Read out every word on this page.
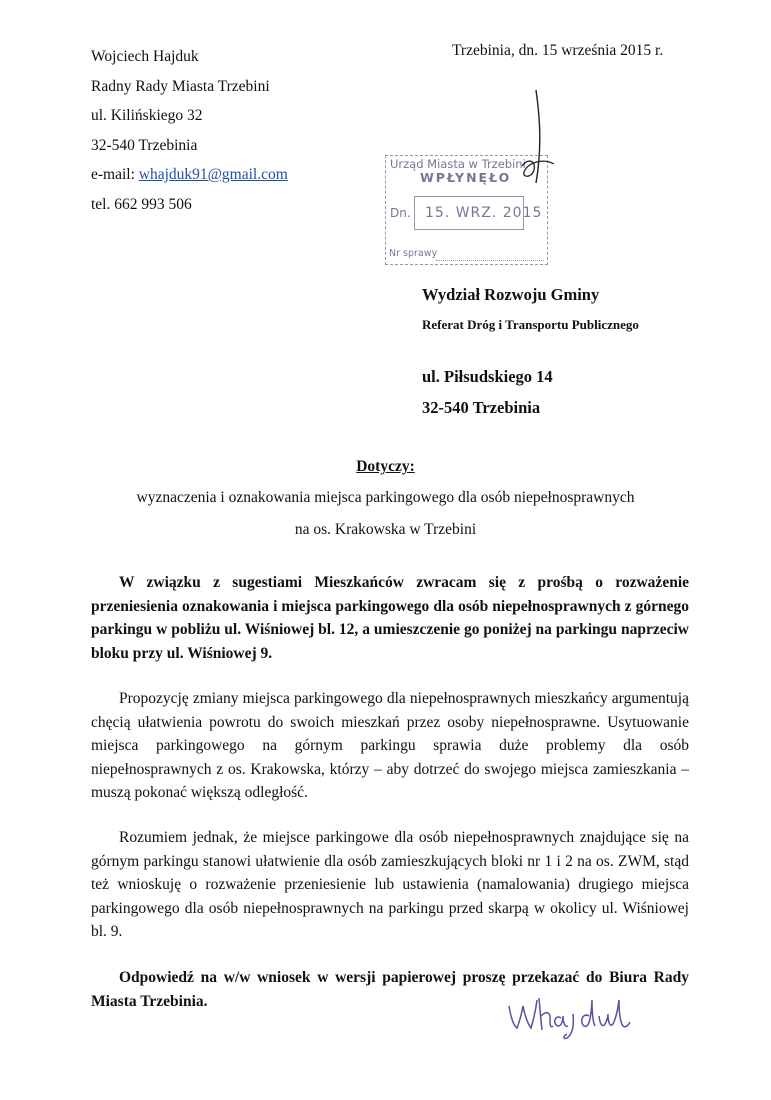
Wojciech Hajduk
Radny Rady Miasta Trzebini
ul. Kilińskiego 32
32-540 Trzebinia
e-mail: whajduk91@gmail.com
tel. 662 993 506
Trzebinia, dn. 15 września 2015 r.
Urząd Miasta w Trzebini
WPŁYNĘŁO
Dn. 15. WRZ. 2015
Nr sprawy
Wydział Rozwoju Gminy
Referat Dróg i Transportu Publicznego
ul. Piłsudskiego 14
32-540 Trzebinia
Dotyczy:
wyznaczenia i oznakowania miejsca parkingowego dla osób niepełnosprawnych
na os. Krakowska w Trzebini
W związku z sugestiami Mieszkańców zwracam się z prośbą o rozważenie przeniesienia oznakowania i miejsca parkingowego dla osób niepełnosprawnych z górnego parkingu w pobliżu ul. Wiśniowej bl. 12, a umieszczenie go poniżej na parkingu naprzeciw bloku przy ul. Wiśniowej 9.
Propozycję zmiany miejsca parkingowego dla niepełnosprawnych mieszkańcy argumentują chęcią ułatwienia powrotu do swoich mieszkań przez osoby niepełnosprawne. Usytuowanie miejsca parkingowego na górnym parkingu sprawia duże problemy dla osób niepełnosprawnych z os. Krakowska, którzy – aby dotrzeć do swojego miejsca zamieszkania – muszą pokonać większą odległość.
Rozumiem jednak, że miejsce parkingowe dla osób niepełnosprawnych znajdujące się na górnym parkingu stanowi ułatwienie dla osób zamieszkujących bloki nr 1 i 2 na os. ZWM, stąd też wnioskuję o rozważenie przeniesienie lub ustawienia (namalowania) drugiego miejsca parkingowego dla osób niepełnosprawnych na parkingu przed skarpą w okolicy ul. Wiśniowej bl. 9.
Odpowiedź na w/w wniosek w wersji papierowej proszę przekazać do Biura Rady Miasta Trzebinia.
